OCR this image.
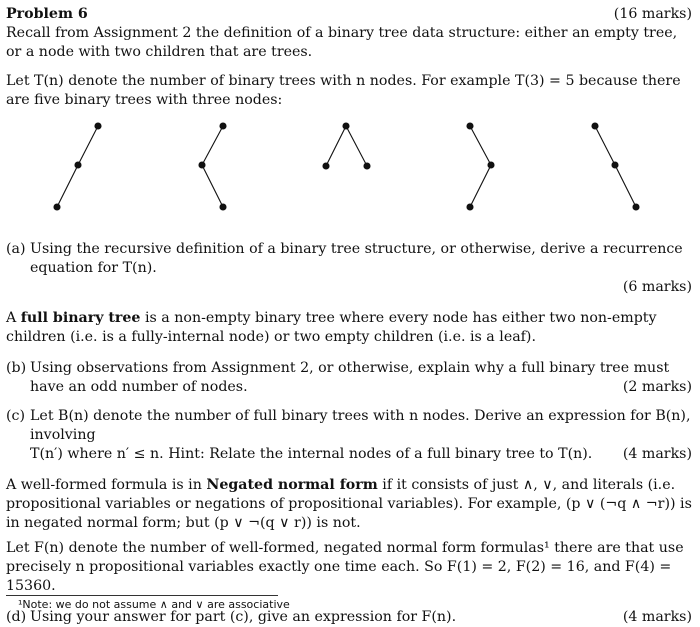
Problem 6	(16 marks)

Recall from Assignment 2 the definition of a binary tree data structure: either an empty tree, or a node with two children that are trees.

Let T(n) denote the number of binary trees with n nodes. For example T(3) = 5 because there are five binary trees with three nodes:

(a) Using the recursive definition of a binary tree structure, or otherwise, derive a recurrence equation for T(n).
(6 marks)

A full binary tree is a non-empty binary tree where every node has either two non-empty children (i.e. is a fully-internal node) or two empty children (i.e. is a leaf).

(b) Using observations from Assignment 2, or otherwise, explain why a full binary tree must have an odd number of nodes.	(2 marks)
(c) Let B(n) denote the number of full binary trees with n nodes. Derive an expression for B(n), involving
T(n′) where n′ ≤ n. Hint: Relate the internal nodes of a full binary tree to T(n).	(4 marks)

A well-formed formula is in Negated normal form if it consists of just ∧, ∨, and literals (i.e. propositional variables or negations of propositional variables). For example, (p ∨ (¬q ∧ ¬r)) is in negated normal form; but (p ∨ ¬(q ∨ r)) is not.

Let F(n) denote the number of well-formed, negated normal form formulas¹ there are that use precisely n propositional variables exactly one time each. So F(1) = 2, F(2) = 16, and F(4) = 15360.

(d) Using your answer for part (c), give an expression for F(n).	(4 marks)
¹Note: we do not assume ∧ and ∨ are associative
